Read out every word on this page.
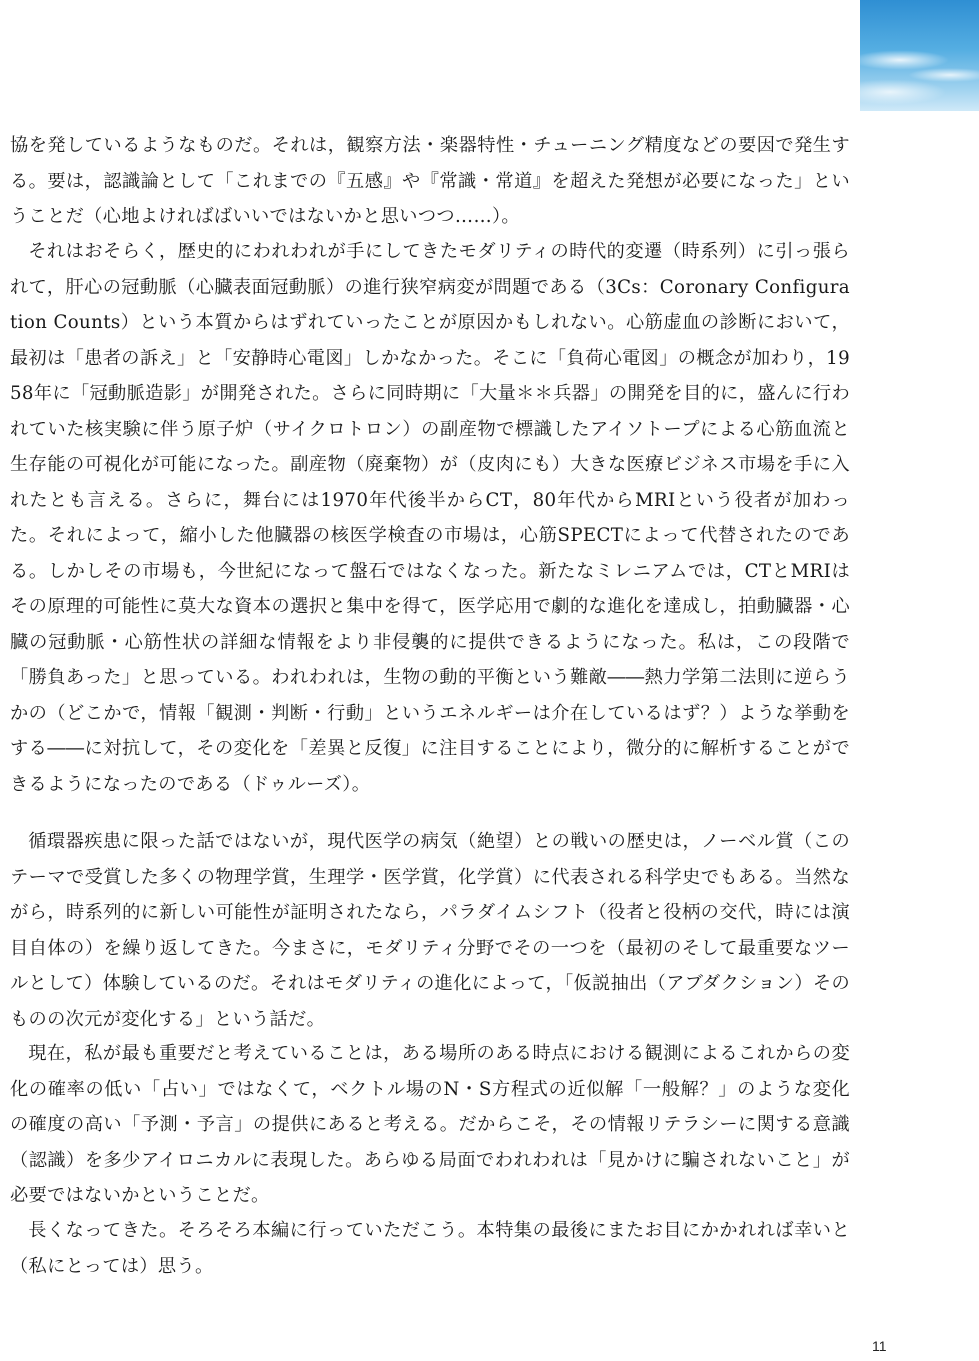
協を発しているようなものだ。それは，観察方法・楽器特性・チューニング精度などの要因で発生する。要は，認識論として「これまでの『五感』や『常識・常道』を超えた発想が必要になった」ということだ（心地よければばいいではないかと思いつつ……）。

それはおそらく，歴史的にわれわれが手にしてきたモダリティの時代的変遷（時系列）に引っ張られて，肝心の冠動脈（心臓表面冠動脈）の進行狭窄病変が問題である（3Cs：Coronary Configuration Counts）という本質からはずれていったことが原因かもしれない。心筋虚血の診断において，最初は「患者の訴え」と「安静時心電図」しかなかった。そこに「負荷心電図」の概念が加わり，1958年に「冠動脈造影」が開発された。さらに同時期に「大量＊＊兵器」の開発を目的に，盛んに行われていた核実験に伴う原子炉（サイクロトロン）の副産物で標識したアイソトープによる心筋血流と生存能の可視化が可能になった。副産物（廃棄物）が（皮肉にも）大きな医療ビジネス市場を手に入れたとも言える。さらに，舞台には1970年代後半からCT，80年代からMRIという役者が加わった。それによって，縮小した他臓器の核医学検査の市場は，心筋SPECTによって代替されたのである。しかしその市場も，今世紀になって盤石ではなくなった。新たなミレニアムでは，CTとMRIはその原理的可能性に莫大な資本の選択と集中を得て，医学応用で劇的な進化を達成し，拍動臓器・心臓の冠動脈・心筋性状の詳細な情報をより非侵襲的に提供できるようになった。私は，この段階で「勝負あった」と思っている。われわれは，生物の動的平衡という難敵――熱力学第二法則に逆らうかの（どこかで，情報「観測・判断・行動」というエネルギーは介在しているはず？）ような挙動をする――に対抗して，その変化を「差異と反復」に注目することにより，微分的に解析することができるようになったのである（ドゥルーズ）。

循環器疾患に限った話ではないが，現代医学の病気（絶望）との戦いの歴史は，ノーベル賞（このテーマで受賞した多くの物理学賞，生理学・医学賞，化学賞）に代表される科学史でもある。当然ながら，時系列的に新しい可能性が証明されたなら，パラダイムシフト（役者と役柄の交代，時には演目自体の）を繰り返してきた。今まさに，モダリティ分野でその一つを（最初のそして最重要なツールとして）体験しているのだ。それはモダリティの進化によって，「仮説抽出（アブダクション）そのものの次元が変化する」という話だ。

現在，私が最も重要だと考えていることは，ある場所のある時点における観測によるこれからの変化の確率の低い「占い」ではなくて，ベクトル場のN・S方程式の近似解「一般解？」のような変化の確度の高い「予測・予言」の提供にあると考える。だからこそ，その情報リテラシーに関する意識（認識）を多少アイロニカルに表現した。あらゆる局面でわれわれは「見かけに騙されないこと」が必要ではないかということだ。

長くなってきた。そろそろ本編に行っていただこう。本特集の最後にまたお目にかかれれば幸いと（私にとっては）思う。

11
